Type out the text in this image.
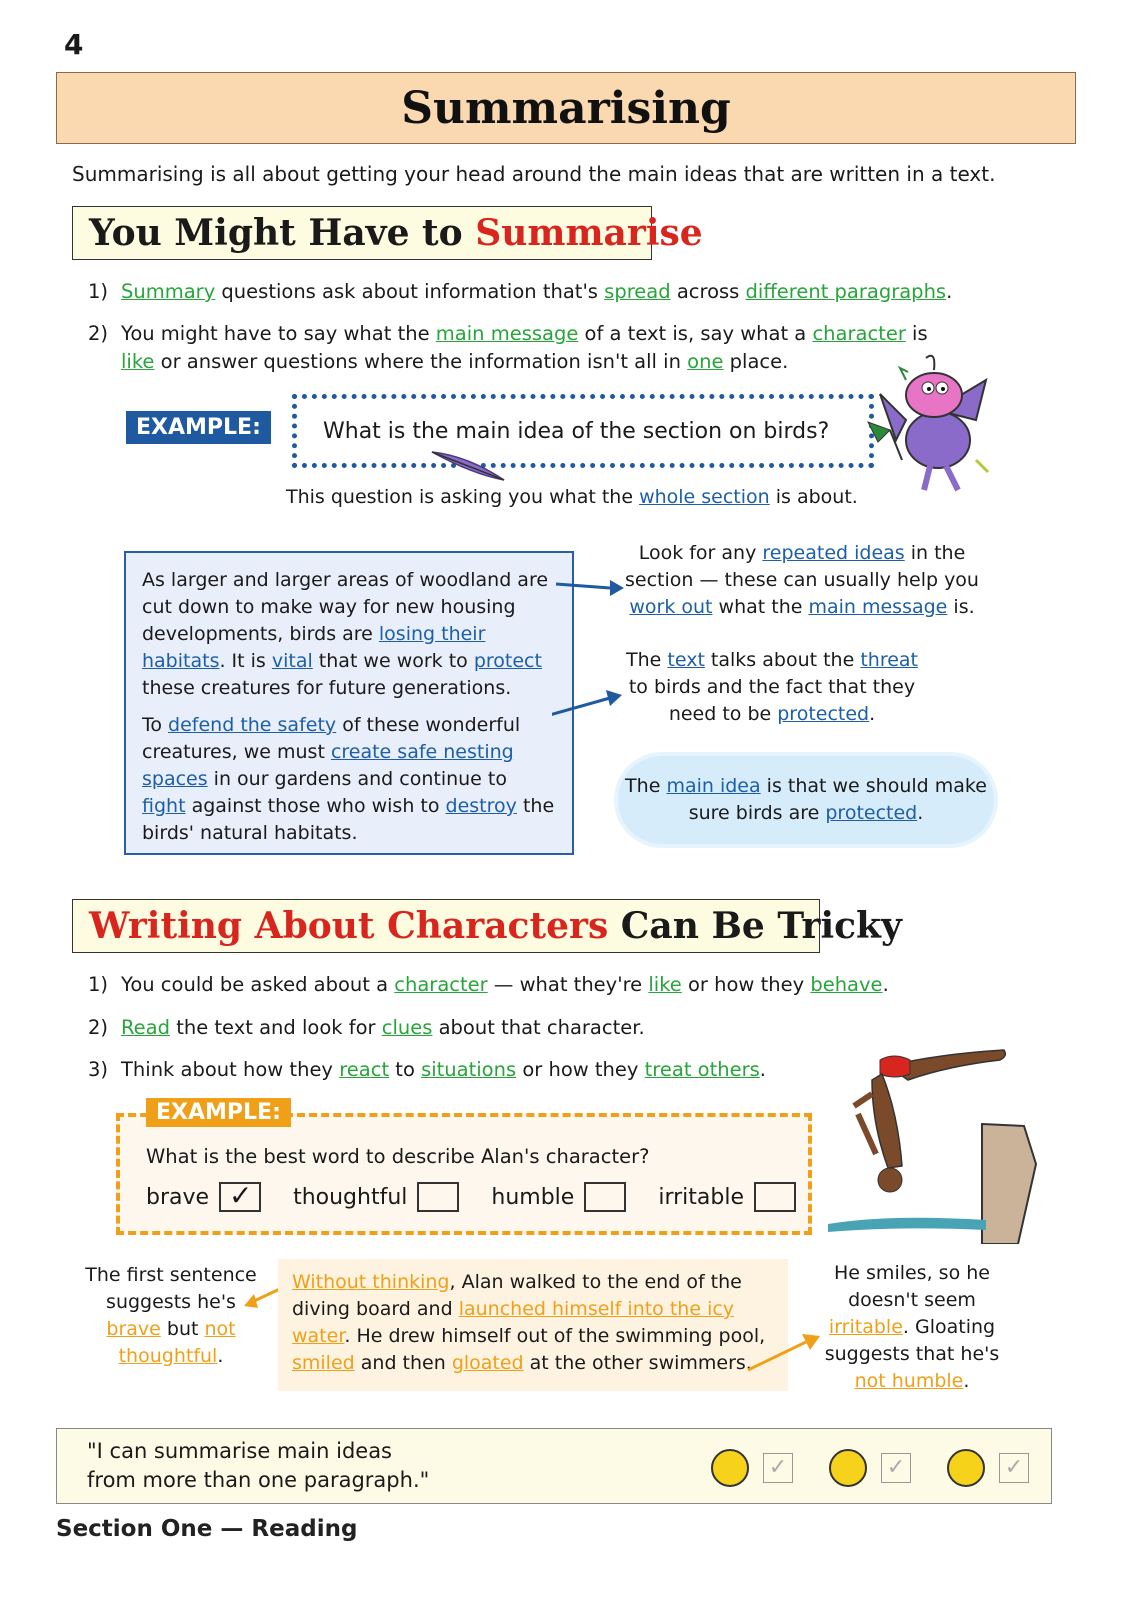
4
Summarising
Summarising is all about getting your head around the main ideas that are written in a text.
You Might Have to Summarise
1) Summary questions ask about information that's spread across different paragraphs.
2) You might have to say what the main message of a text is, say what a character is
like or answer questions where the information isn't all in one place.
EXAMPLE:	What is the main idea of the section on birds?
This question is asking you what the whole section is about.
As larger and larger areas of woodland are cut down to make way for new housing developments, birds are losing their habitats. It is vital that we work to protect these creatures for future generations.
To defend the safety of these wonderful creatures, we must create safe nesting spaces in our gardens and continue to fight against those who wish to destroy the birds' natural habitats.
Look for any repeated ideas in the section — these can usually help you work out what the main message is.
The text talks about the threat to birds and the fact that they need to be protected.
The main idea is that we should make sure birds are protected.
Writing About Characters Can Be Tricky
1) You could be asked about a character — what they're like or how they behave.
2) Read the text and look for clues about that character.
3) Think about how they react to situations or how they treat others.
EXAMPLE:
What is the best word to describe Alan's character?
brave ✓ thoughtful	humble	irritable
The first sentence suggests he's brave but not thoughtful.
Without thinking, Alan walked to the end of the diving board and launched himself into the icy water. He drew himself out of the swimming pool, smiled and then gloated at the other swimmers.
He smiles, so he doesn't seem irritable. Gloating suggests that he's not humble.
"I can summarise main ideas from more than one paragraph."	✓	✓	✓
Section One — Reading
